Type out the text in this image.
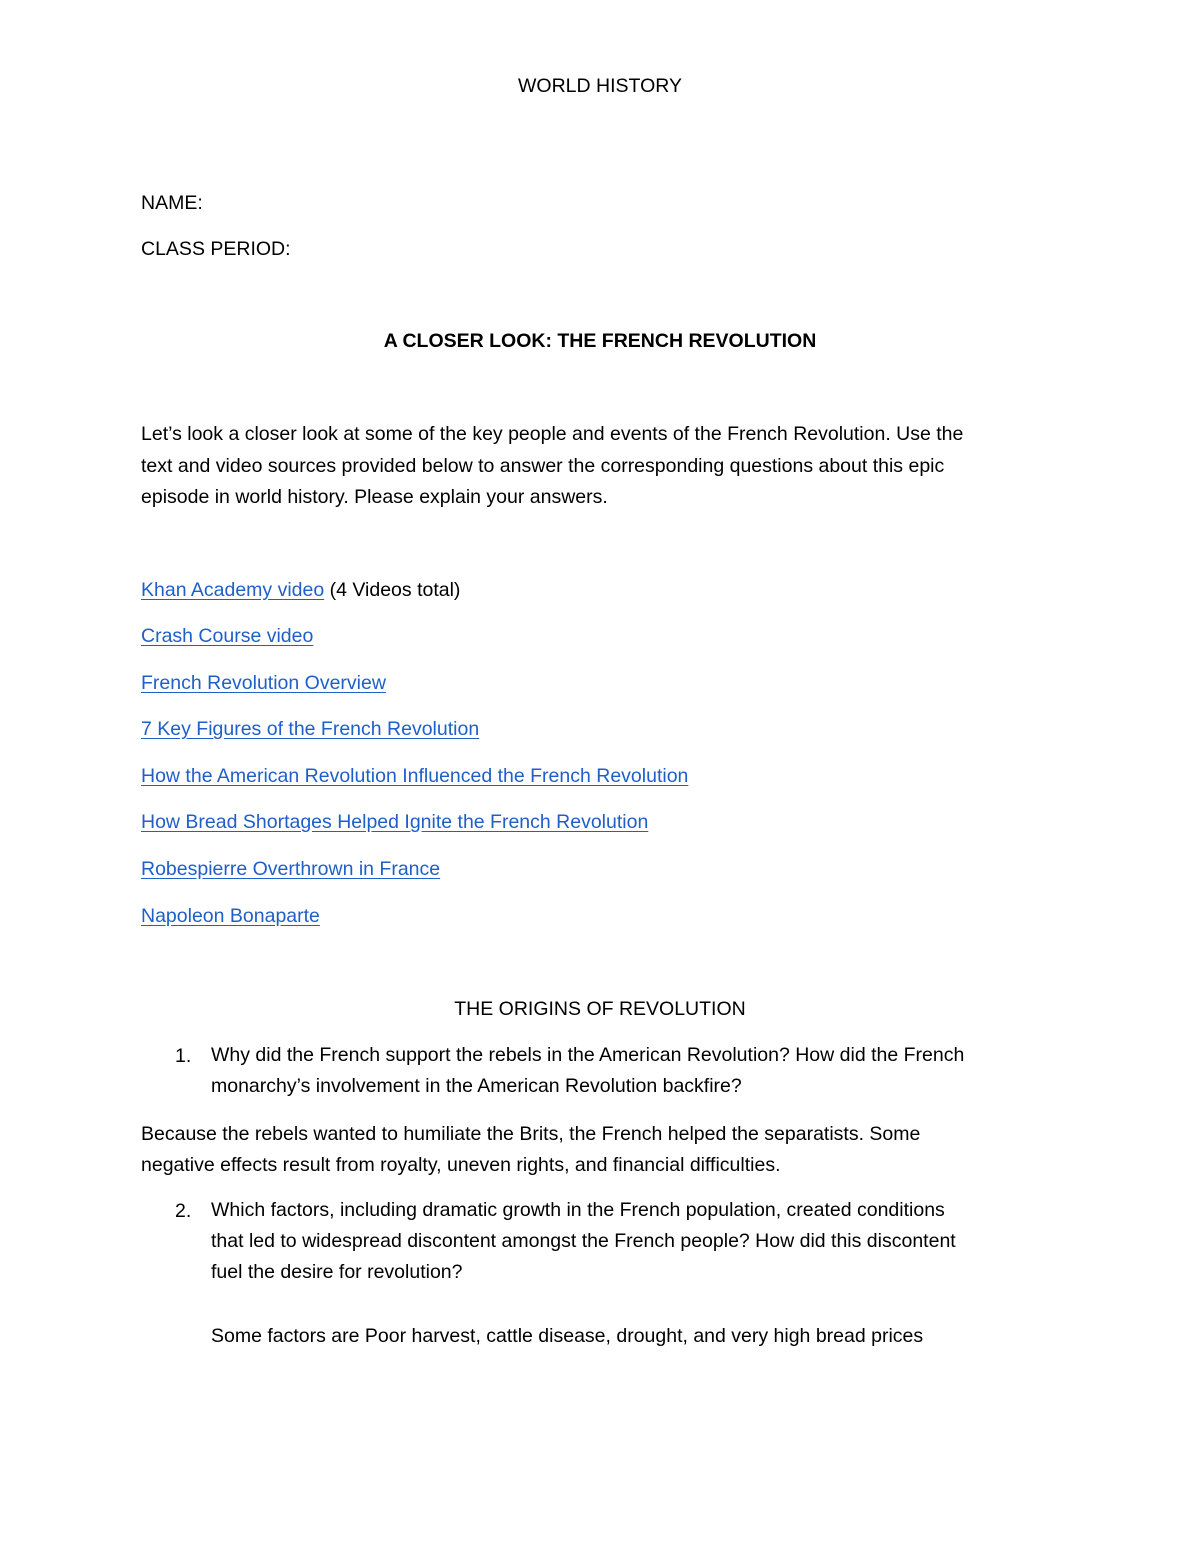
WORLD HISTORY
NAME:
CLASS PERIOD:
A CLOSER LOOK: THE FRENCH REVOLUTION
Let’s look a closer look at some of the key people and events of the French Revolution. Use the
text and video sources provided below to answer the corresponding questions about this epic
episode in world history. Please explain your answers.
Khan Academy video (4 Videos total)
Crash Course video
French Revolution Overview
7 Key Figures of the French Revolution
How the American Revolution Influenced the French Revolution
How Bread Shortages Helped Ignite the French Revolution
Robespierre Overthrown in France
Napoleon Bonaparte
THE ORIGINS OF REVOLUTION
1. Why did the French support the rebels in the American Revolution? How did the French
monarchy’s involvement in the American Revolution backfire?
Because the rebels wanted to humiliate the Brits, the French helped the separatists. Some
negative effects result from royalty, uneven rights, and financial difficulties.
2. Which factors, including dramatic growth in the French population, created conditions
that led to widespread discontent amongst the French people? How did this discontent
fuel the desire for revolution?
Some factors are Poor harvest, cattle disease, drought, and very high bread prices
